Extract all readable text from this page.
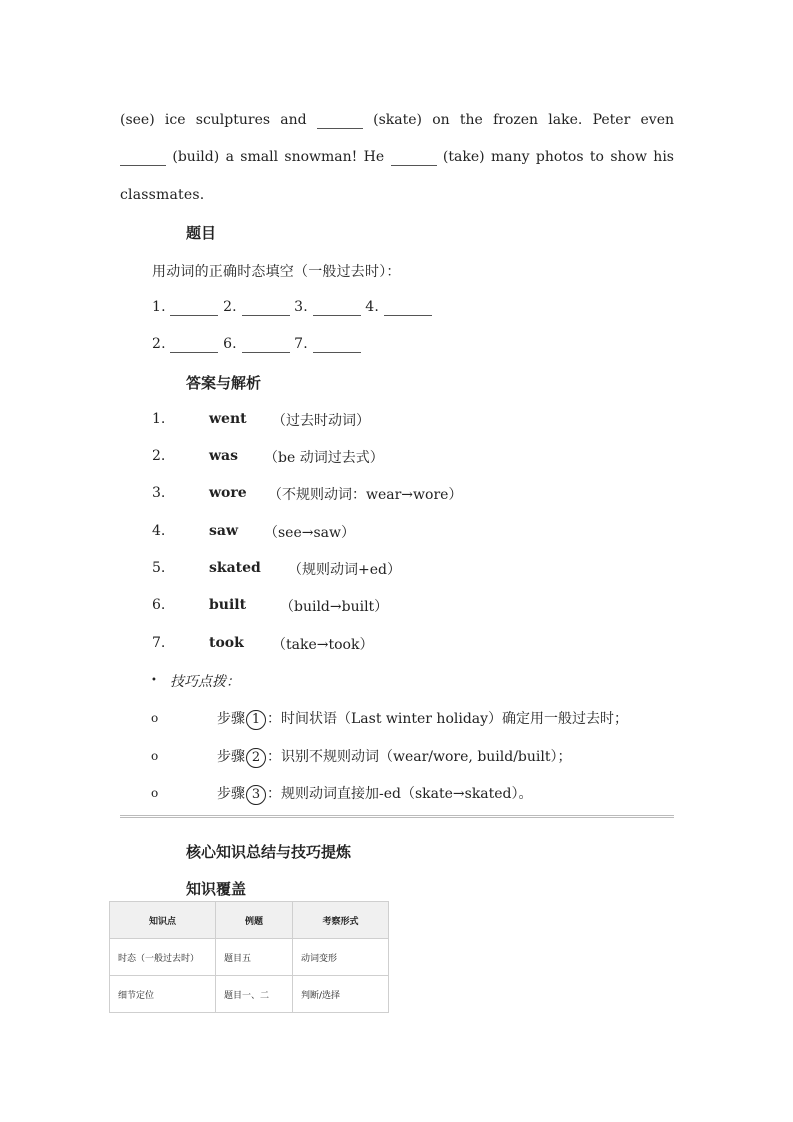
(see) ice sculptures and	(skate) on the frozen lake. Peter even
(build) a small snowman! He	(take) many photos to show his
classmates.
题目
用动词的正确时态填空（一般过去时）：
1.	2.	3.	4.
2.	6.	7.
答案与解析
1.	went （过去时动词）
2.	was （be 动词过去式）
3.	wore （不规则动词：wear→wore）
4.	saw （see→saw）
5.	skated （规则动词+ed）
6.	built （build→built）
7.	took （take→took）
• 技巧点拨：
o	步骤 1 ：时间状语（Last winter holiday）确定用一般过去时；
o	步骤 2 ：识别不规则动词（wear/wore, build/built）；
o	步骤 3 ：规则动词直接加-ed（skate→skated）。
核心知识总结与技巧提炼
知识覆盖
知识点	例题	考察形式
时态（一般过去时）	题目五	动词变形
细节定位	题目一、二	判断/选择
